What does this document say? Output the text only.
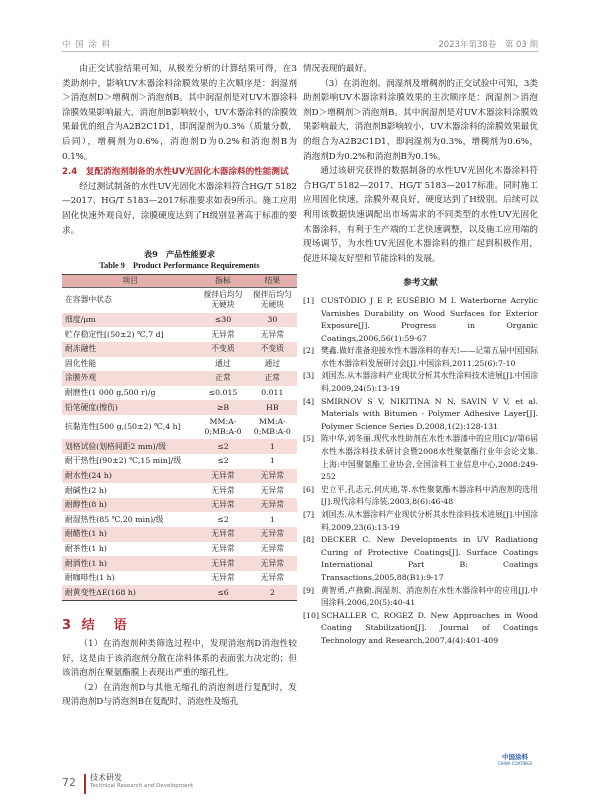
中 国 涂 料	2023年第38卷　第 03 期

由正交试验结果可知，从极差分析的计算结果可得，在3类助剂中，影响UV木器涂料涂膜效果的主次顺序是：润湿剂＞消泡剂D＞增稠剂＞消泡剂B。其中润湿剂是对UV木器涂料涂膜效果影响最大，消泡剂B影响较小，UV木器涂料的涂膜效果最优的组合为A2B2C1D1，即润湿剂为0.3%（质量分数，后同），增稠剂为0.6%，消泡剂D为0.2%和消泡剂B为0.1%。

2.4　 复配消泡剂制备的水性UV光固化木器涂料的性能测试

经过测试制备的水性UV光固化木器涂料符合HG/T 5182—2017、HG/T 5183—2017标准要求如表9所示。施工应用固化快速外观良好，涂膜硬度达到了H级别显著高于标准的要求。

表9　产品性能要求
Table 9　Product Performance Requirements
项目	指标	结果
在容器中状态	搅拌后均匀无硬块	搅拌后均匀无硬块
细度/μm	≤30	30
贮存稳定性[(50±2) ℃,7 d]	无异常	无异常
耐冻融性	不变质	不变质
固化性能	通过	通过
涂膜外观	正常	正常
耐磨性(1 000 g,500 r)/g	≤0.015	0.011
铅笔硬度(擦伤)	≥B	HB
抗黏连性[500 g,(50±2) ℃,4 h]	MM:A-0;MB:A-0	MM:A-0;MB:A-0
划格试验(划格间距2 mm)/级	≤2	1
耐干热性[(90±2) ℃,15 min]/级	≤2	1
耐水性(24 h)	无异常	无异常
耐碱性(2 h)	无异常	无异常
耐醇性(8 h)	无异常	无异常
耐湿热性(85 ℃,20 min)/级	≤2	1
耐醋性(1 h)	无异常	无异常
耐茶性(1 h)	无异常	无异常
耐酒性(1 h)	无异常	无异常
耐咖啡性(1 h)	无异常	无异常
耐黄变性ΔE(168 h)	≤6	2
3 结　语

（1）在消泡剂种类筛选过程中，发现消泡剂D消泡性较好，这是由于该消泡剂分散在涂料体系的表面张力决定的；但该消泡剂在聚氨酯膜上表现出严重的缩孔性。

（2）在消泡剂D与其他无缩孔的消泡剂进行复配时，发现消泡剂D与消泡剂B在复配时，消泡性及缩孔

情况表现的最好。

（3）在消泡剂、润湿剂及增稠剂的正交试验中可知，3类助剂影响UV木器涂料涂膜效果的主次顺序是：润湿剂＞消泡剂D＞增稠剂＞消泡剂B。其中润湿剂是对UV木器涂料涂膜效果影响最大，消泡剂B影响较小，UV木器涂料的涂膜效果最优的组合为A2B2C1D1，即润湿剂为0.3%，增稠剂为0.6%，消泡剂D为0.2%和消泡剂B为0.1%。

通过该研究获得的数据制备的水性UV光固化木器涂料符合HG/T 5182—2017、HG/T 5183—2017标准。同时施工应用固化快速，涂膜外观良好，硬度达到了H级别。后续可以利用该数据快速调配出市场需求的不同类型的水性UV光固化木器涂料，有利于生产端的工艺快速调整，以及施工应用端的现场调节，为水性UV光固化木器涂料的推广起到积极作用，促进环境友好型和节能涂料的发展。

参考文献
[1] CUSTÓDIO J E P, EUSÉBIO M I. Waterborne Acrylic Varnishes Durability on Wood Surfaces for Exterior Exposure[J]. Progress in Organic Coatings,2006,56(1):59-67
[2] 樊鑫.做好准备迎接水性木器涂料的春天!——记第五届中国国际水性木器涂料发展研讨会[J].中国涂料,2011,25(6):7-10
[3] 刘国杰.从木器涂料产业现状分析其水性涂料技术进展[J].中国涂料,2009,24(5):13-19
[4] SMIRNOV S V, NIKITINA N N, SAVIN V V, et al. Materials with Bitumen - Polymer Adhesive Layer[J]. Polymer Science Series D,2008,1(2):128-131
[5] 陈中华,刘冬丽.现代水性助剂在水性木器漆中的应用[C]//第6届水性木器涂料技术研讨会暨2008水性聚氨酯行业年会论文集.上海:中国聚氨酯工业协会,全国涂料工业信息中心,2008:249-252
[6] 史立平,孔志元,何庆迪,等.水性聚氨酯木器涂料中消泡剂的选用[J].现代涂料与涂装,2003,8(6):46-48
[7] 刘国杰.从木器涂料产业现状分析其水性涂料技术进展[J].中国涂料,2009,23(6):13-19
[8] DECKER C. New Developments in UV Radiationg Curing of Protective Coatings[J]. Surface Coatings International Part B: Coatings Transactions,2005,88(B1):9-17
[9] 黄智勇,卢燕勤.润湿剂、消泡剂在水性木器涂料中的应用[J].中国涂料,2006,20(5):40-41
[10] SCHALLER C, ROGEZ D. New Approaches in Wood Coating Stabilization[J]. Journal of Coatings Technology and Research,2007,4(4):401-409
72 技术研发
Technical Research and Development
中国涂料
CHINA COATINGS
